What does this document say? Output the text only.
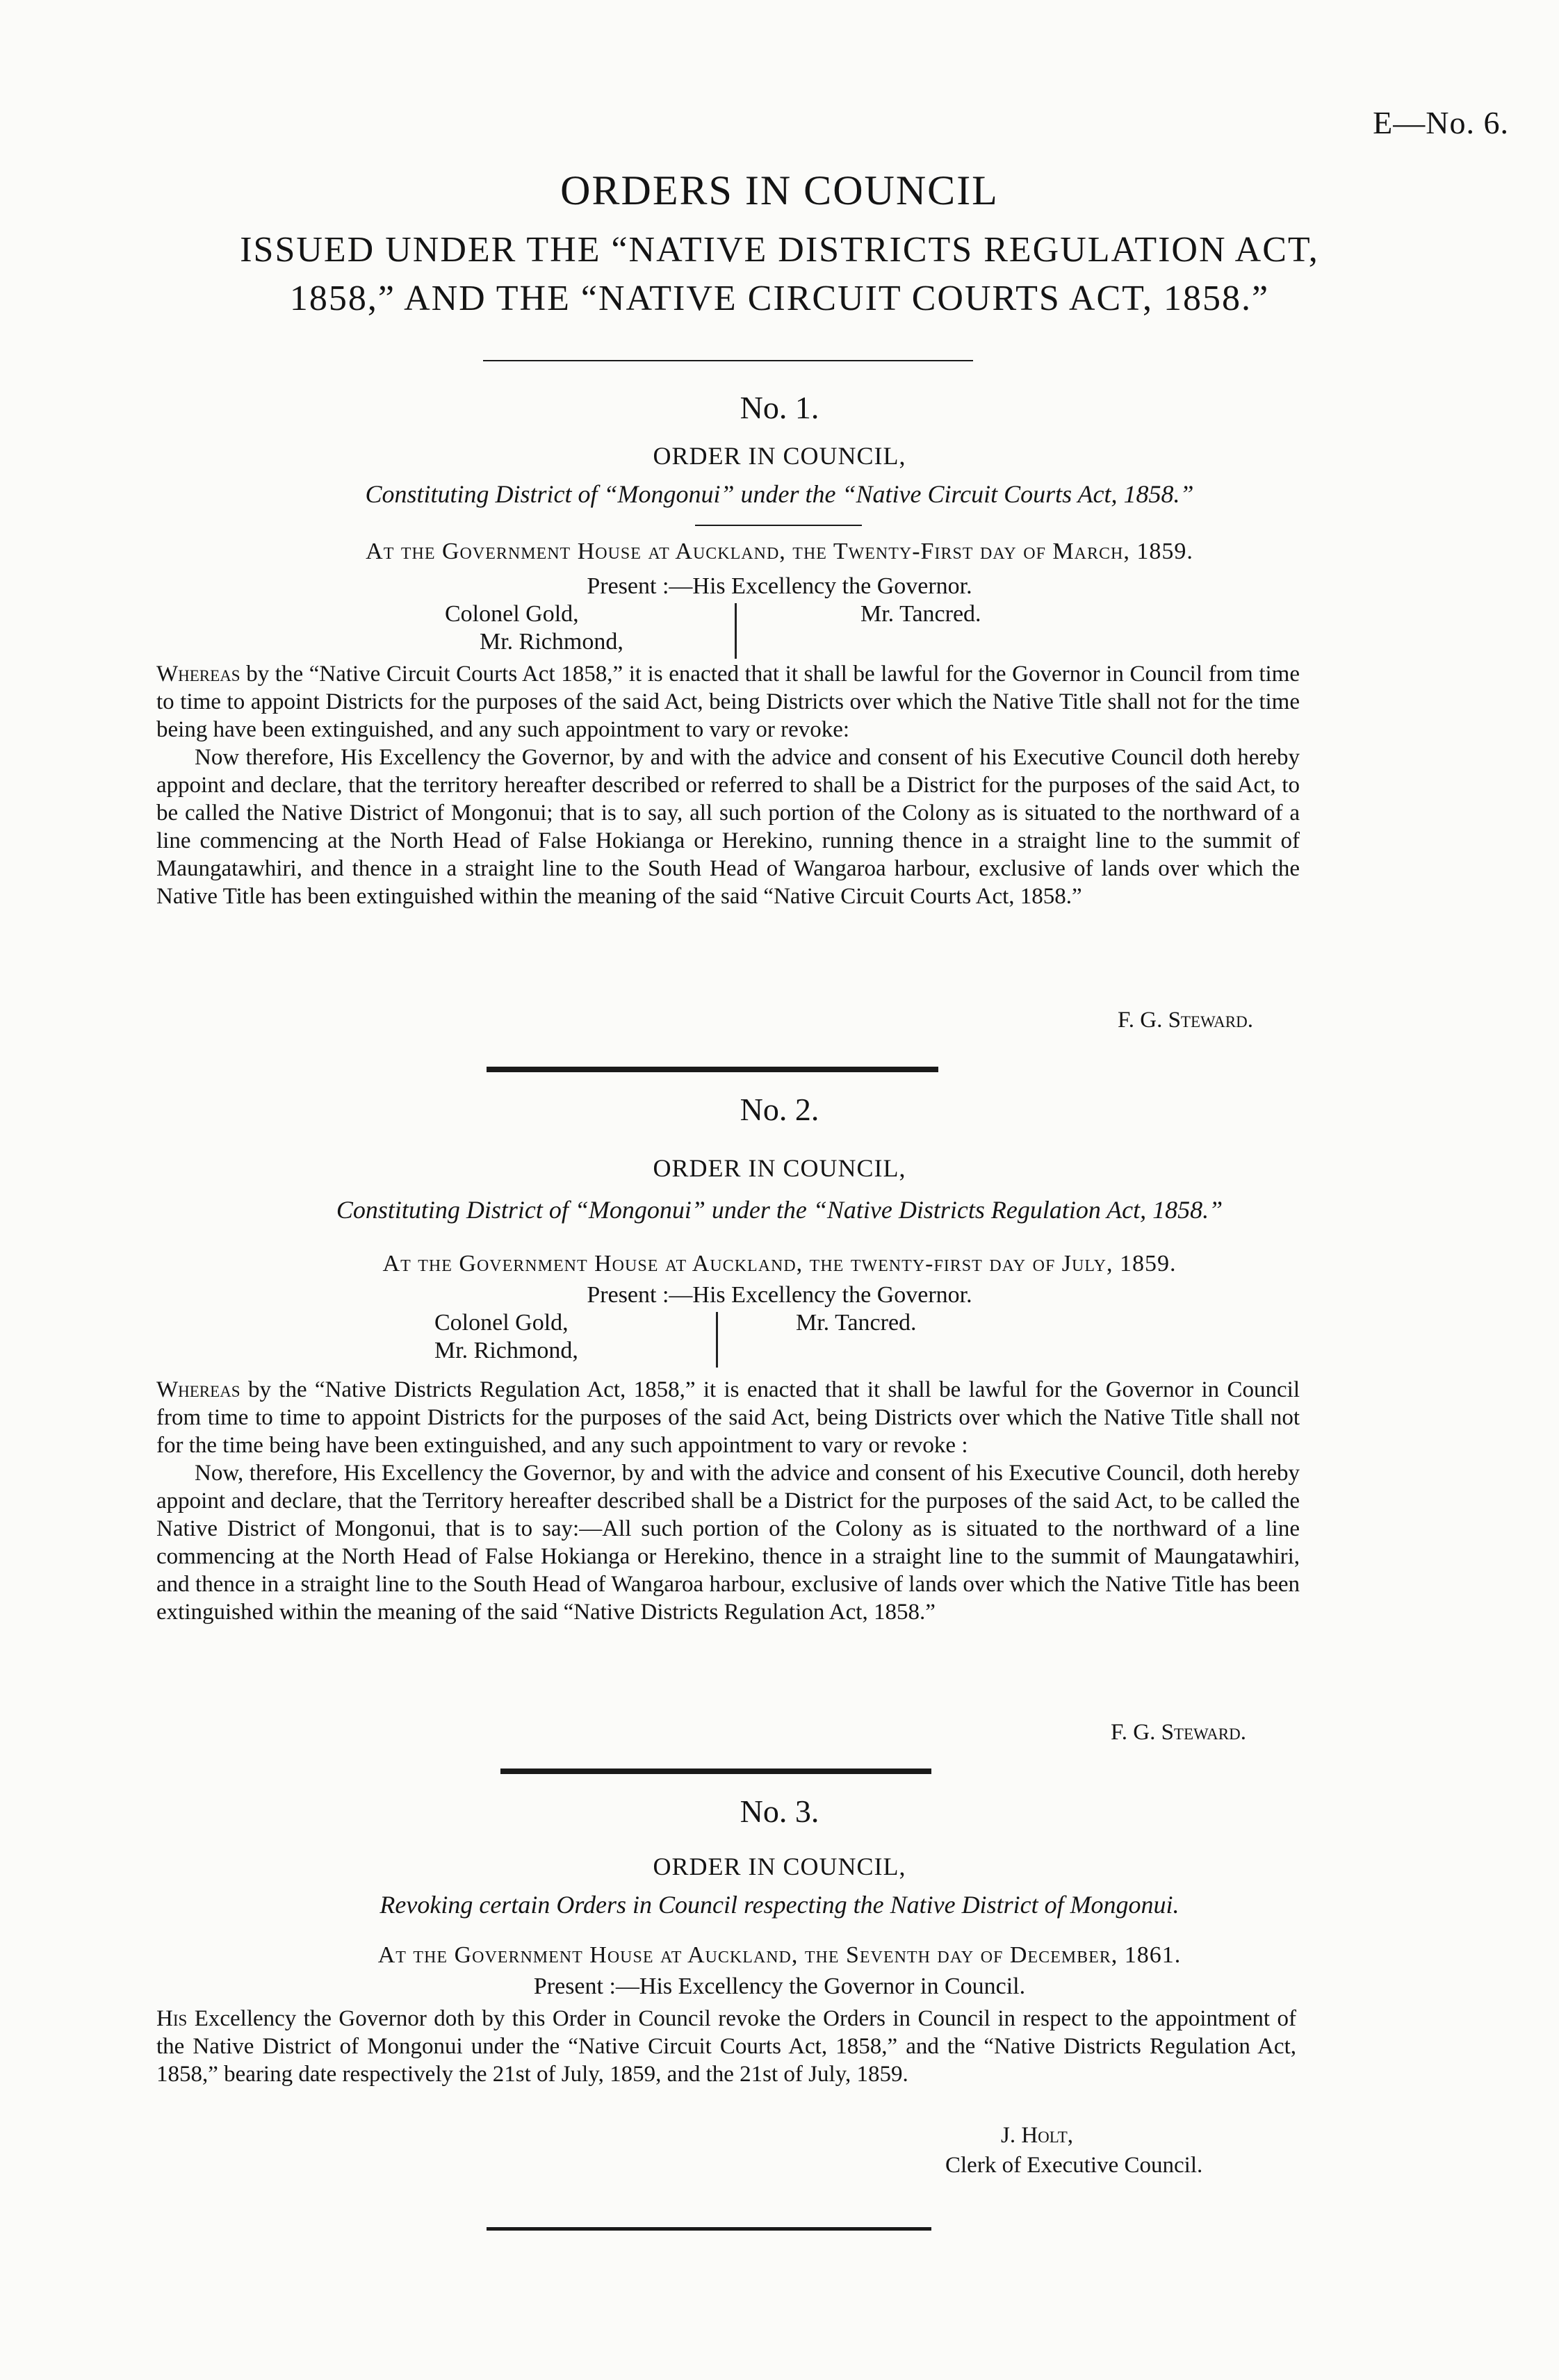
E—No. 6.
ORDERS IN COUNCIL
ISSUED UNDER THE “NATIVE DISTRICTS REGULATION ACT,
1858,” AND THE “NATIVE CIRCUIT COURTS ACT, 1858.”
No. 1.
ORDER IN COUNCIL,
Constituting District of “Mongonui” under the “Native Circuit Courts Act, 1858.”
At the Government House at Auckland, the Twenty-First day of March, 1859.
Present :—His Excellency the Governor.
Colonel Gold,
Mr. Richmond,
Mr. Tancred.

Whereas by the “Native Circuit Courts Act 1858,” it is enacted that it shall be lawful for the Governor in Council from time to time to appoint Districts for the purposes of the said Act, being Districts over which the Native Title shall not for the time being have been extinguished, and any such appointment to vary or revoke:

Now therefore, His Excellency the Governor, by and with the advice and consent of his Executive Council doth hereby appoint and declare, that the territory hereafter described or referred to shall be a District for the purposes of the said Act, to be called the Native District of Mongonui; that is to say, all such portion of the Colony as is situated to the northward of a line commencing at the North Head of False Hokianga or Herekino, running thence in a straight line to the summit of Maungatawhiri, and thence in a straight line to the South Head of Wangaroa harbour, exclusive of lands over which the Native Title has been extinguished within the meaning of the said “Native Circuit Courts Act, 1858.”

F. G. Steward.
No. 2.
ORDER IN COUNCIL,
Constituting District of “Mongonui” under the “Native Districts Regulation Act, 1858.”
At the Government House at Auckland, the twenty-first day of July, 1859.
Present :—His Excellency the Governor.
Colonel Gold,
Mr. Richmond,
Mr. Tancred.

Whereas by the “Native Districts Regulation Act, 1858,” it is enacted that it shall be lawful for the Governor in Council from time to time to appoint Districts for the purposes of the said Act, being Districts over which the Native Title shall not for the time being have been extinguished, and any such appointment to vary or revoke :

Now, therefore, His Excellency the Governor, by and with the advice and consent of his Executive Council, doth hereby appoint and declare, that the Territory hereafter described shall be a District for the purposes of the said Act, to be called the Native District of Mongonui, that is to say:—All such portion of the Colony as is situated to the northward of a line commencing at the North Head of False Hokianga or Herekino, thence in a straight line to the summit of Maungatawhiri, and thence in a straight line to the South Head of Wangaroa harbour, exclusive of lands over which the Native Title has been extinguished within the meaning of the said “Native Districts Regulation Act, 1858.”

F. G. Steward.
No. 3.
ORDER IN COUNCIL,
Revoking certain Orders in Council respecting the Native District of Mongonui.
At the Government House at Auckland, the Seventh day of December, 1861.
Present :—His Excellency the Governor in Council.

His Excellency the Governor doth by this Order in Council revoke the Orders in Council in respect to the appointment of the Native District of Mongonui under the “Native Circuit Courts Act, 1858,” and the “Native Districts Regulation Act, 1858,” bearing date respectively the 21st of July, 1859, and the 21st of July, 1859.

J. Holt,
Clerk of Executive Council.
